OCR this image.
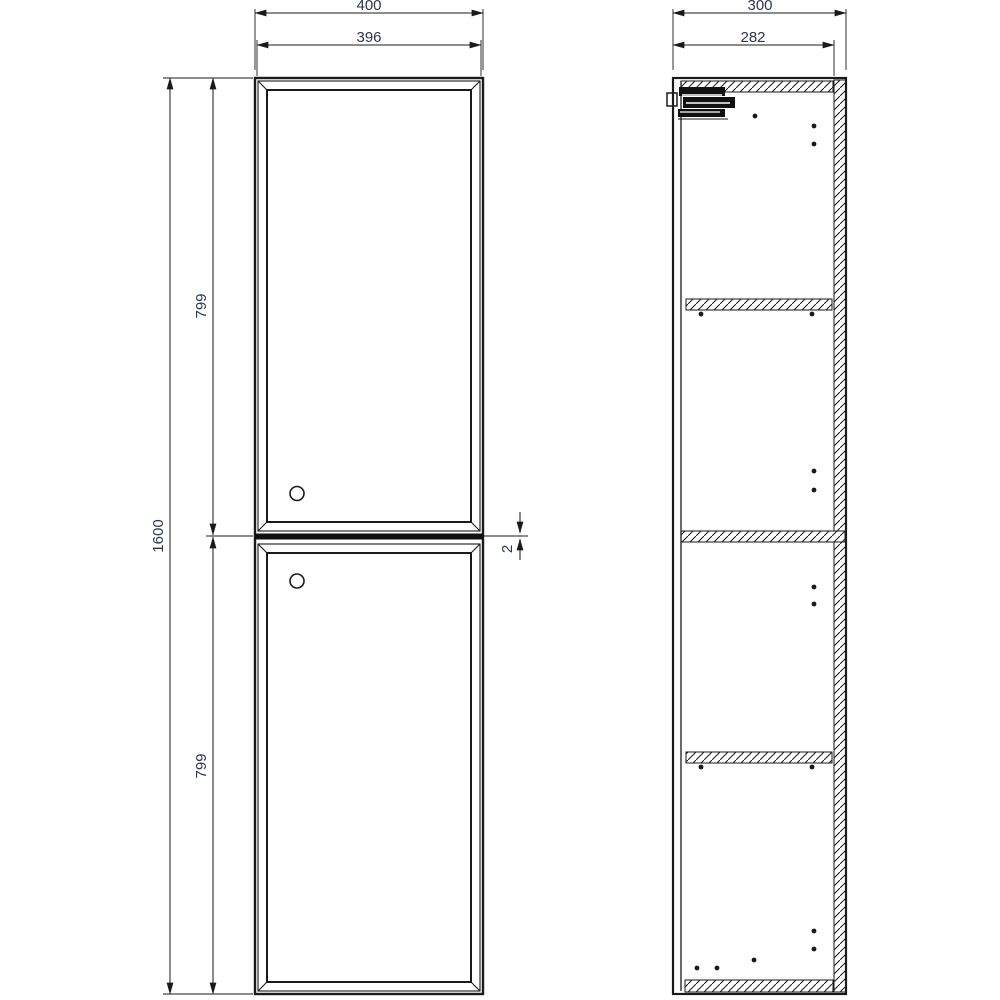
400
396
1600
799
799
2
300
282
